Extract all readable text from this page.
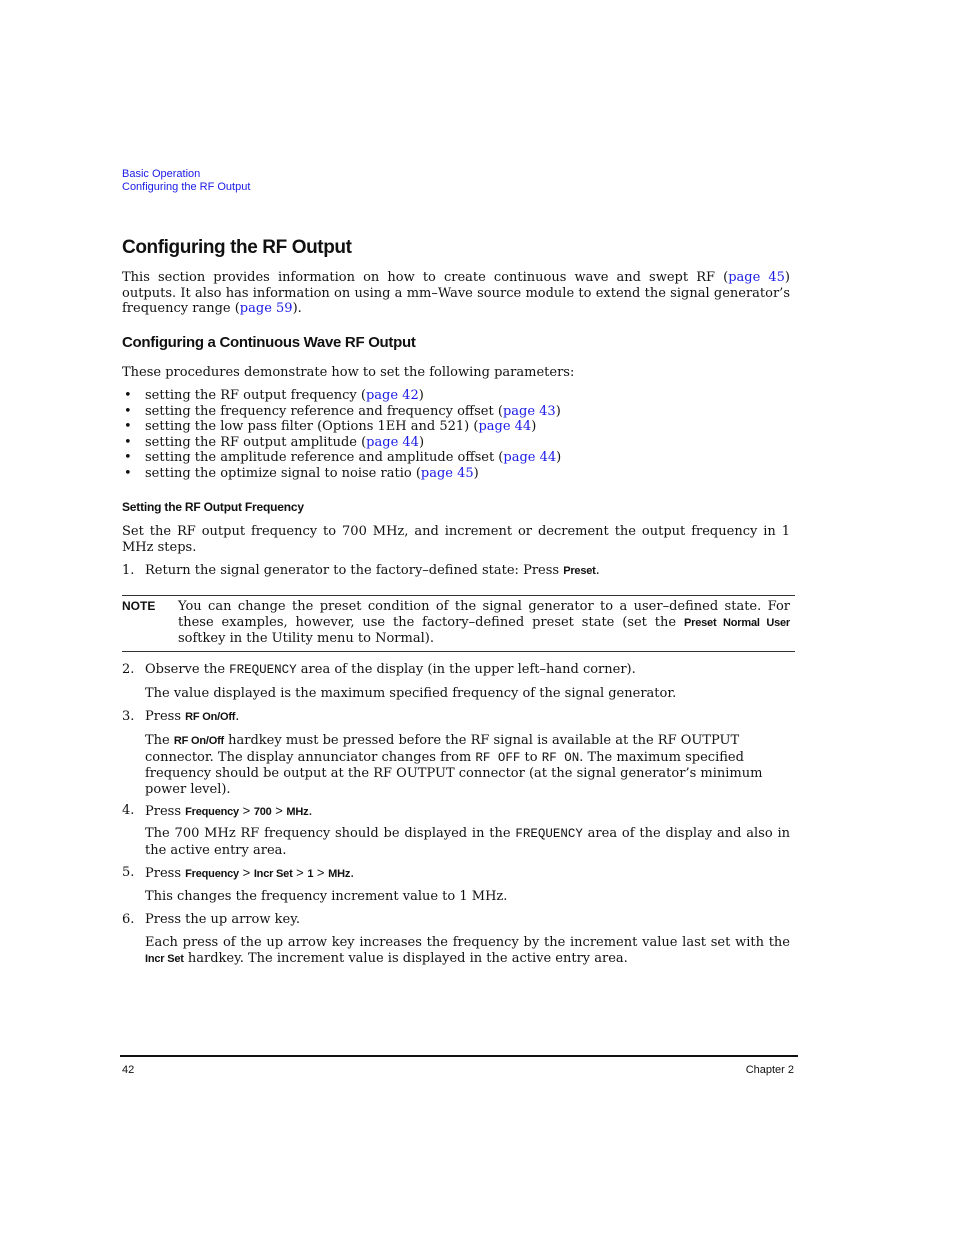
Basic Operation
Configuring the RF Output
Configuring the RF Output
This section provides information on how to create continuous wave and swept RF (page 45) outputs. It also has information on using a mm–Wave source module to extend the signal generator’s frequency range (page 59).
Configuring a Continuous Wave RF Output
These procedures demonstrate how to set the following parameters:
• setting the RF output frequency (page 42)
• setting the frequency reference and frequency offset (page 43)
• setting the low pass filter (Options 1EH and 521) (page 44)
• setting the RF output amplitude (page 44)
• setting the amplitude reference and amplitude offset (page 44)
• setting the optimize signal to noise ratio (page 45)
Setting the RF Output Frequency
Set the RF output frequency to 700 MHz, and increment or decrement the output frequency in 1 MHz steps.
1. Return the signal generator to the factory–defined state: Press Preset.
NOTE You can change the preset condition of the signal generator to a user–defined state. For these examples, however, use the factory–defined preset state (set the Preset Normal User softkey in the Utility menu to Normal).
2. Observe the FREQUENCY area of the display (in the upper left–hand corner).
The value displayed is the maximum specified frequency of the signal generator.
3. Press RF On/Off.
The RF On/Off hardkey must be pressed before the RF signal is available at the RF OUTPUT connector. The display annunciator changes from RF OFF to RF ON. The maximum specified frequency should be output at the RF OUTPUT connector (at the signal generator’s minimum power level).
4. Press Frequency > 700 > MHz.
The 700 MHz RF frequency should be displayed in the FREQUENCY area of the display and also in the active entry area.
5. Press Frequency > Incr Set > 1 > MHz.
This changes the frequency increment value to 1 MHz.
6. Press the up arrow key.
Each press of the up arrow key increases the frequency by the increment value last set with the Incr Set hardkey. The increment value is displayed in the active entry area.
42	Chapter 2
